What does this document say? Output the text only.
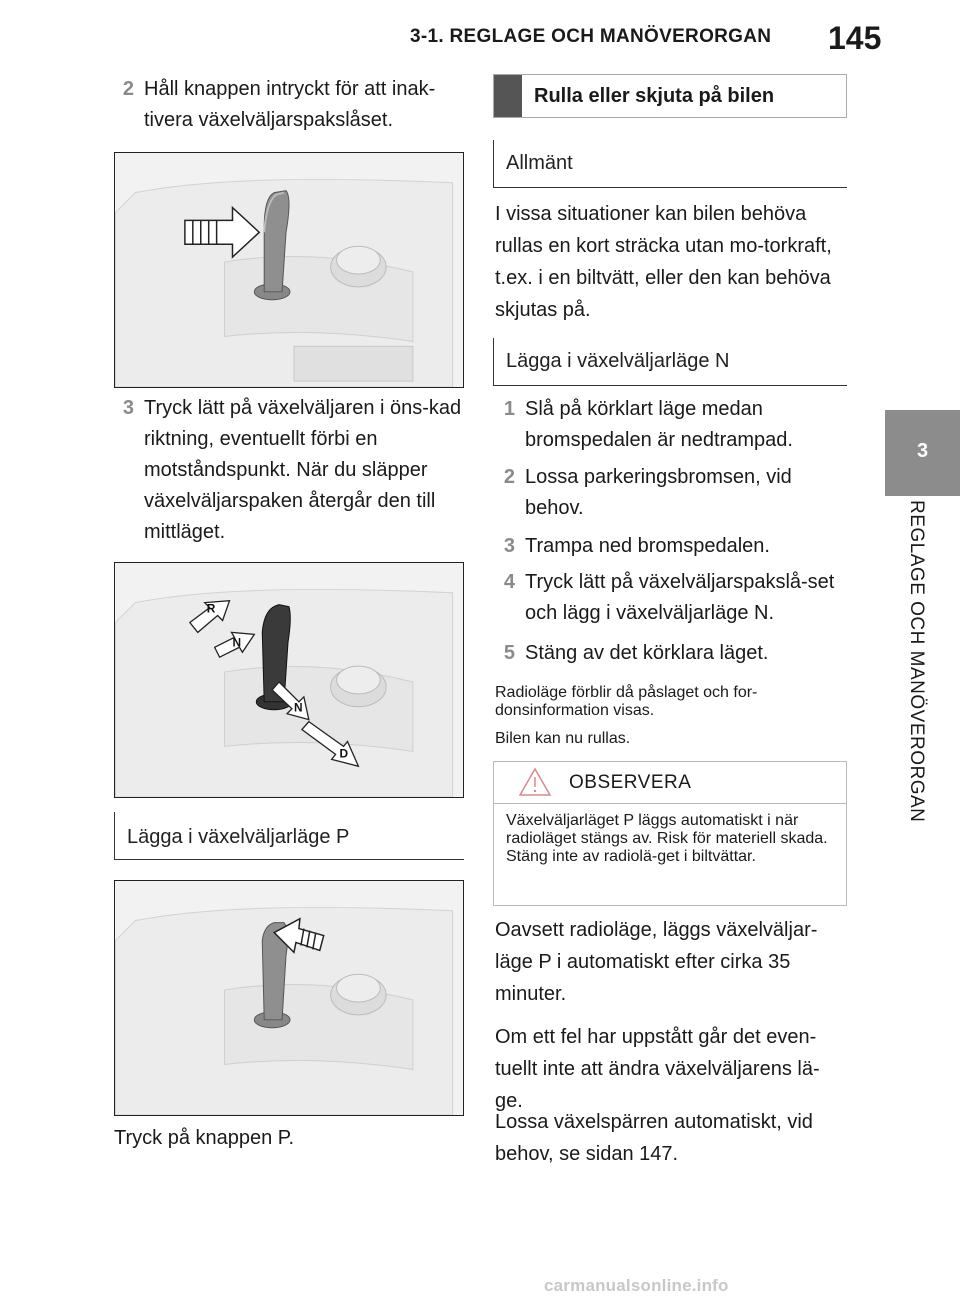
3-1. REGLAGE OCH MANÖVERORGAN 145
3
REGLAGE OCH MANÖVERORGAN
2 Håll knappen intryckt för att inak-tivera växelväljarspakslåset.
3 Tryck lätt på växelväljaren i öns-kad riktning, eventuellt förbi en motståndspunkt. När du släpper växelväljarspaken återgår den till mittläget.
R
N
N
D
Lägga i växelväljarläge P
Tryck på knappen P.
Rulla eller skjuta på bilen
Allmänt
I vissa situationer kan bilen behöva rullas en kort sträcka utan mo-torkraft, t.ex. i en biltvätt, eller den kan behöva skjutas på.
Lägga i växelväljarläge N
1 Slå på körklart läge medan bromspedalen är nedtrampad.
2 Lossa parkeringsbromsen, vid behov.
3 Trampa ned bromspedalen.
4 Tryck lätt på växelväljarspakslå-set och lägg i växelväljarläge N.
5 Stäng av det körklara läget.
Radioläge förblir då påslaget och for-donsinformation visas.
Bilen kan nu rullas.
OBSERVERA
Växelväljarläget P läggs automatiskt i när radioläget stängs av. Risk för materiell skada. Stäng inte av radiolä-get i biltvättar.
Oavsett radioläge, läggs växelväljar-läge P i automatiskt efter cirka 35 minuter.
Om ett fel har uppstått går det even-tuellt inte att ändra växelväljarens lä-ge.
Lossa växelspärren automatiskt, vid behov, se sidan 147.
carmanualsonline.info
